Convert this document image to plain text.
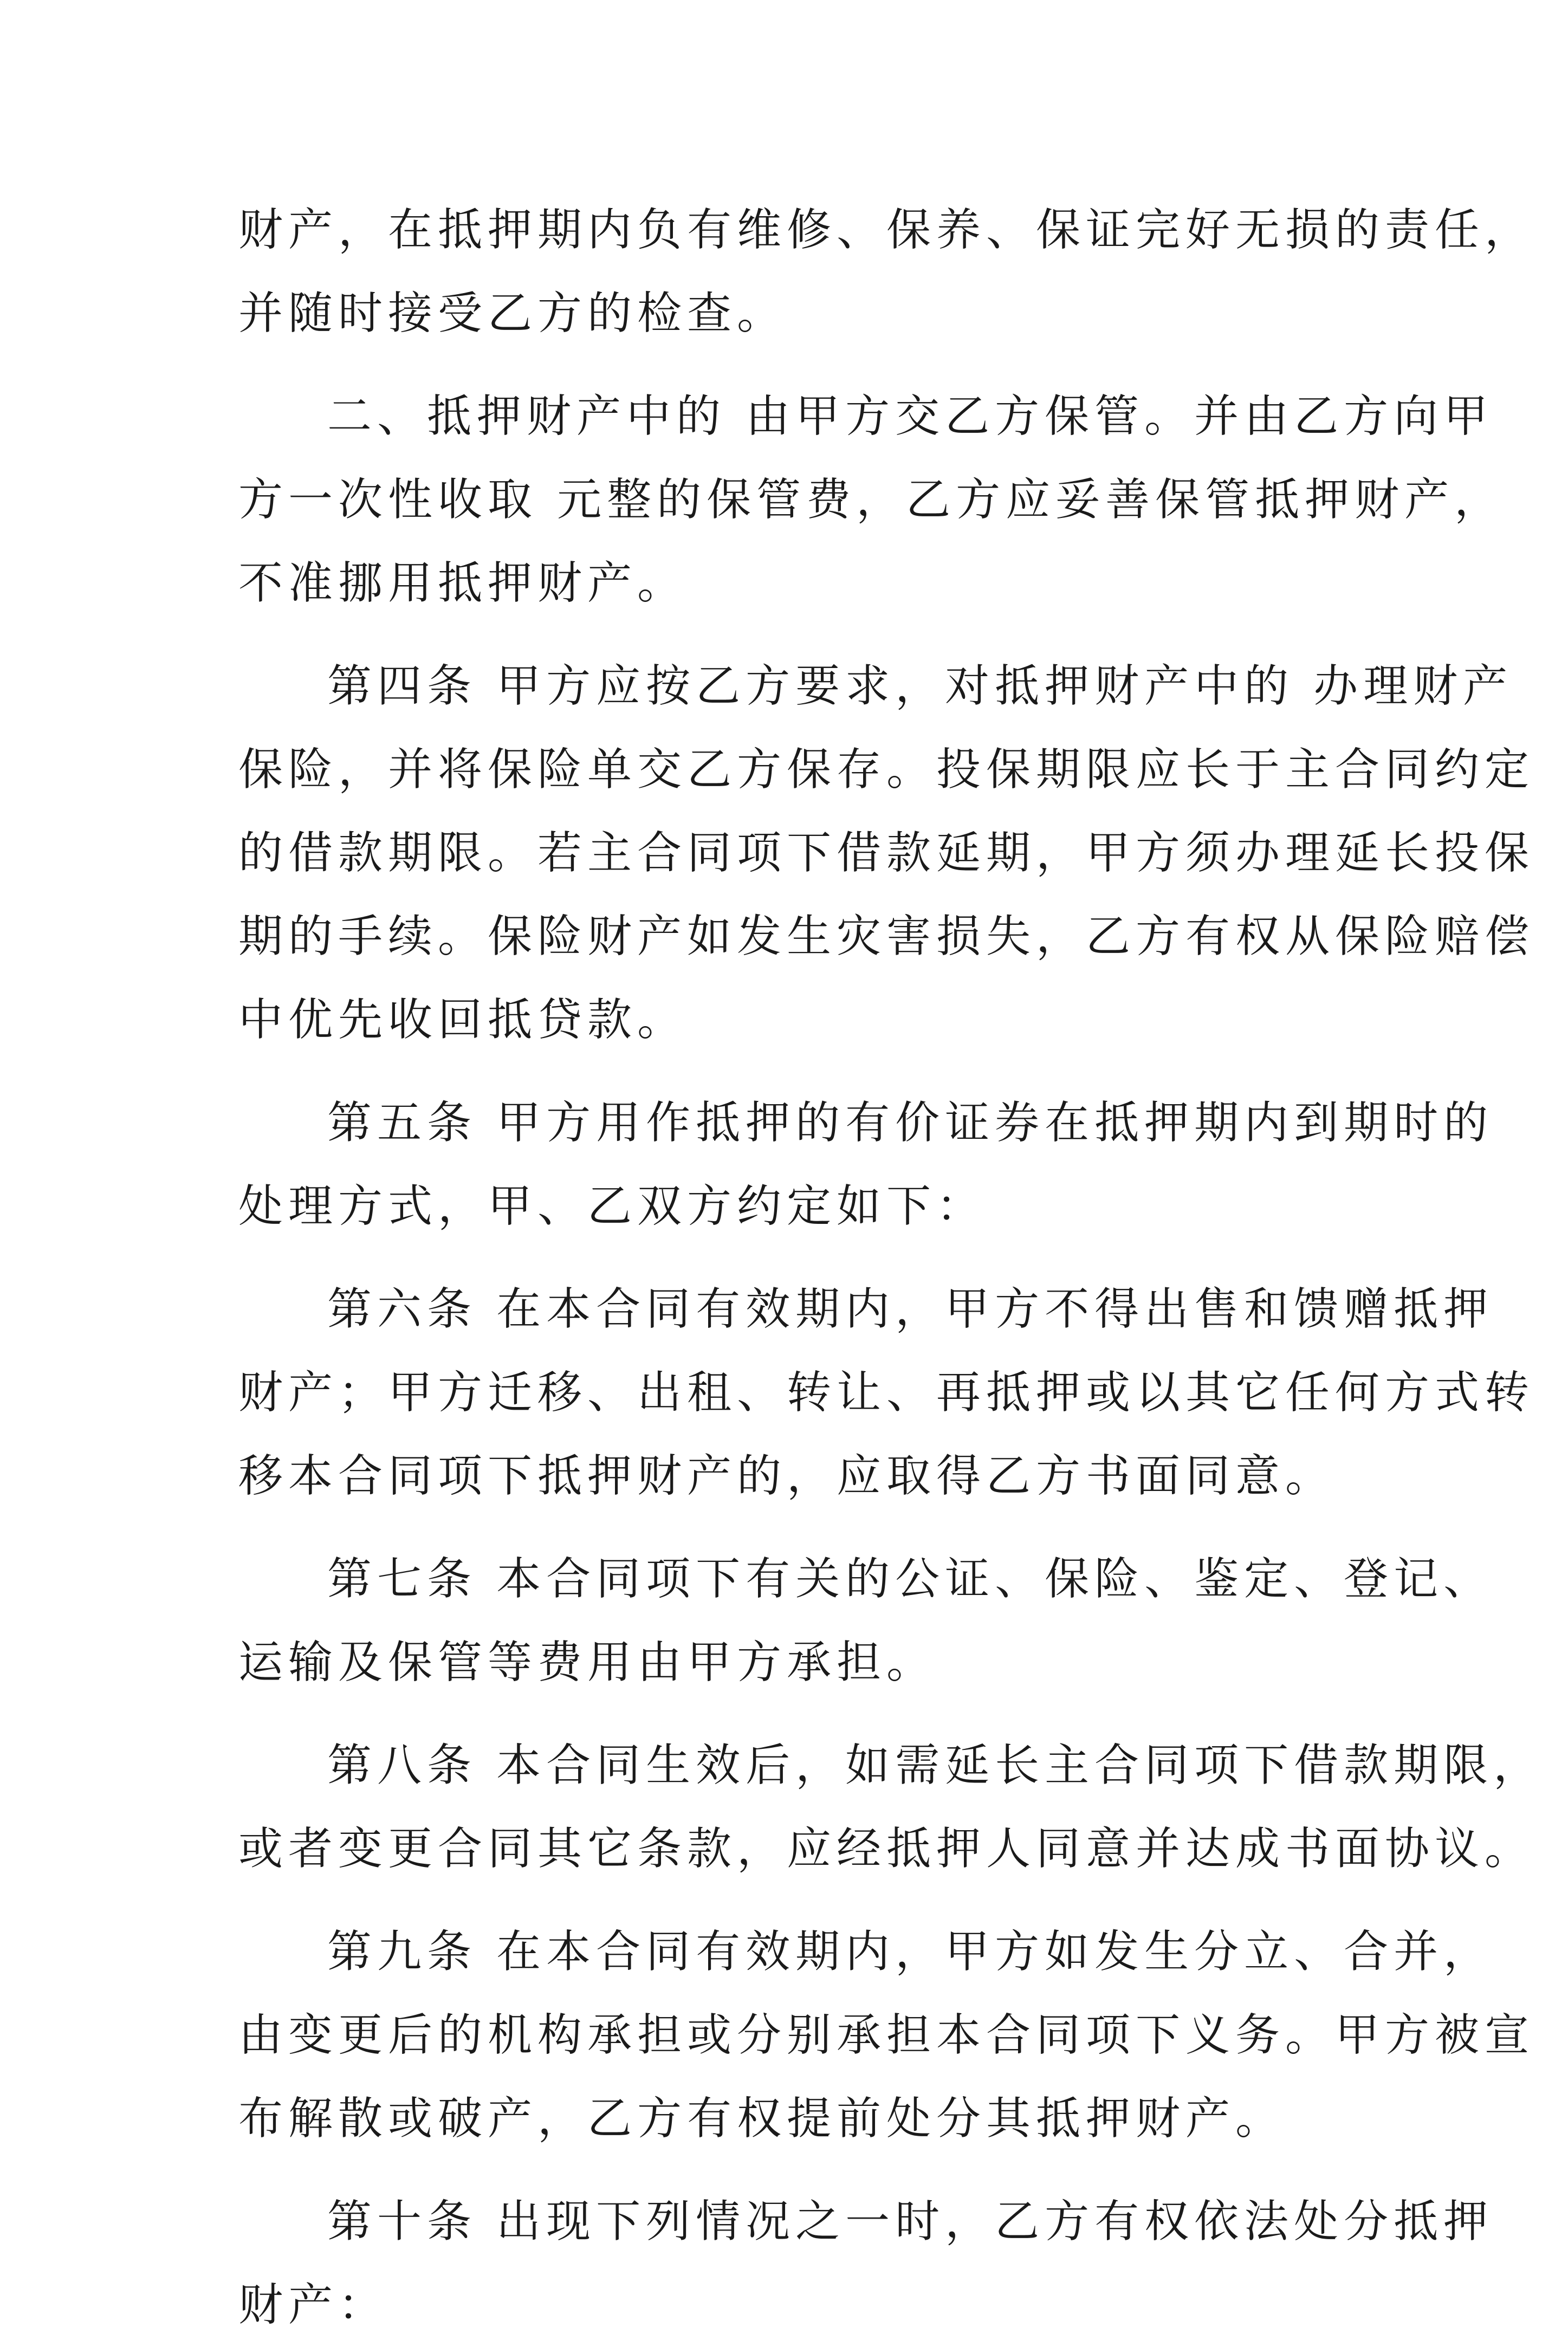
财产，在抵押期内负有维修、保养、保证完好无损的责任，
并随时接受乙方的检查。
二、抵押财产中的 由甲方交乙方保管。并由乙方向甲
方一次性收取 元整的保管费，乙方应妥善保管抵押财产，
不准挪用抵押财产。
第四条 甲方应按乙方要求，对抵押财产中的 办理财产
保险，并将保险单交乙方保存。投保期限应长于主合同约定
的借款期限。若主合同项下借款延期，甲方须办理延长投保
期的手续。保险财产如发生灾害损失，乙方有权从保险赔偿
中优先收回抵贷款。
第五条 甲方用作抵押的有价证券在抵押期内到期时的
处理方式，甲、乙双方约定如下：
第六条 在本合同有效期内，甲方不得出售和馈赠抵押
财产；甲方迁移、出租、转让、再抵押或以其它任何方式转
移本合同项下抵押财产的，应取得乙方书面同意。
第七条 本合同项下有关的公证、保险、鉴定、登记、
运输及保管等费用由甲方承担。
第八条 本合同生效后，如需延长主合同项下借款期限，
或者变更合同其它条款，应经抵押人同意并达成书面协议。
第九条 在本合同有效期内，甲方如发生分立、合并，
由变更后的机构承担或分别承担本合同项下义务。甲方被宣
布解散或破产，乙方有权提前处分其抵押财产。
第十条 出现下列情况之一时，乙方有权依法处分抵押
财产：
